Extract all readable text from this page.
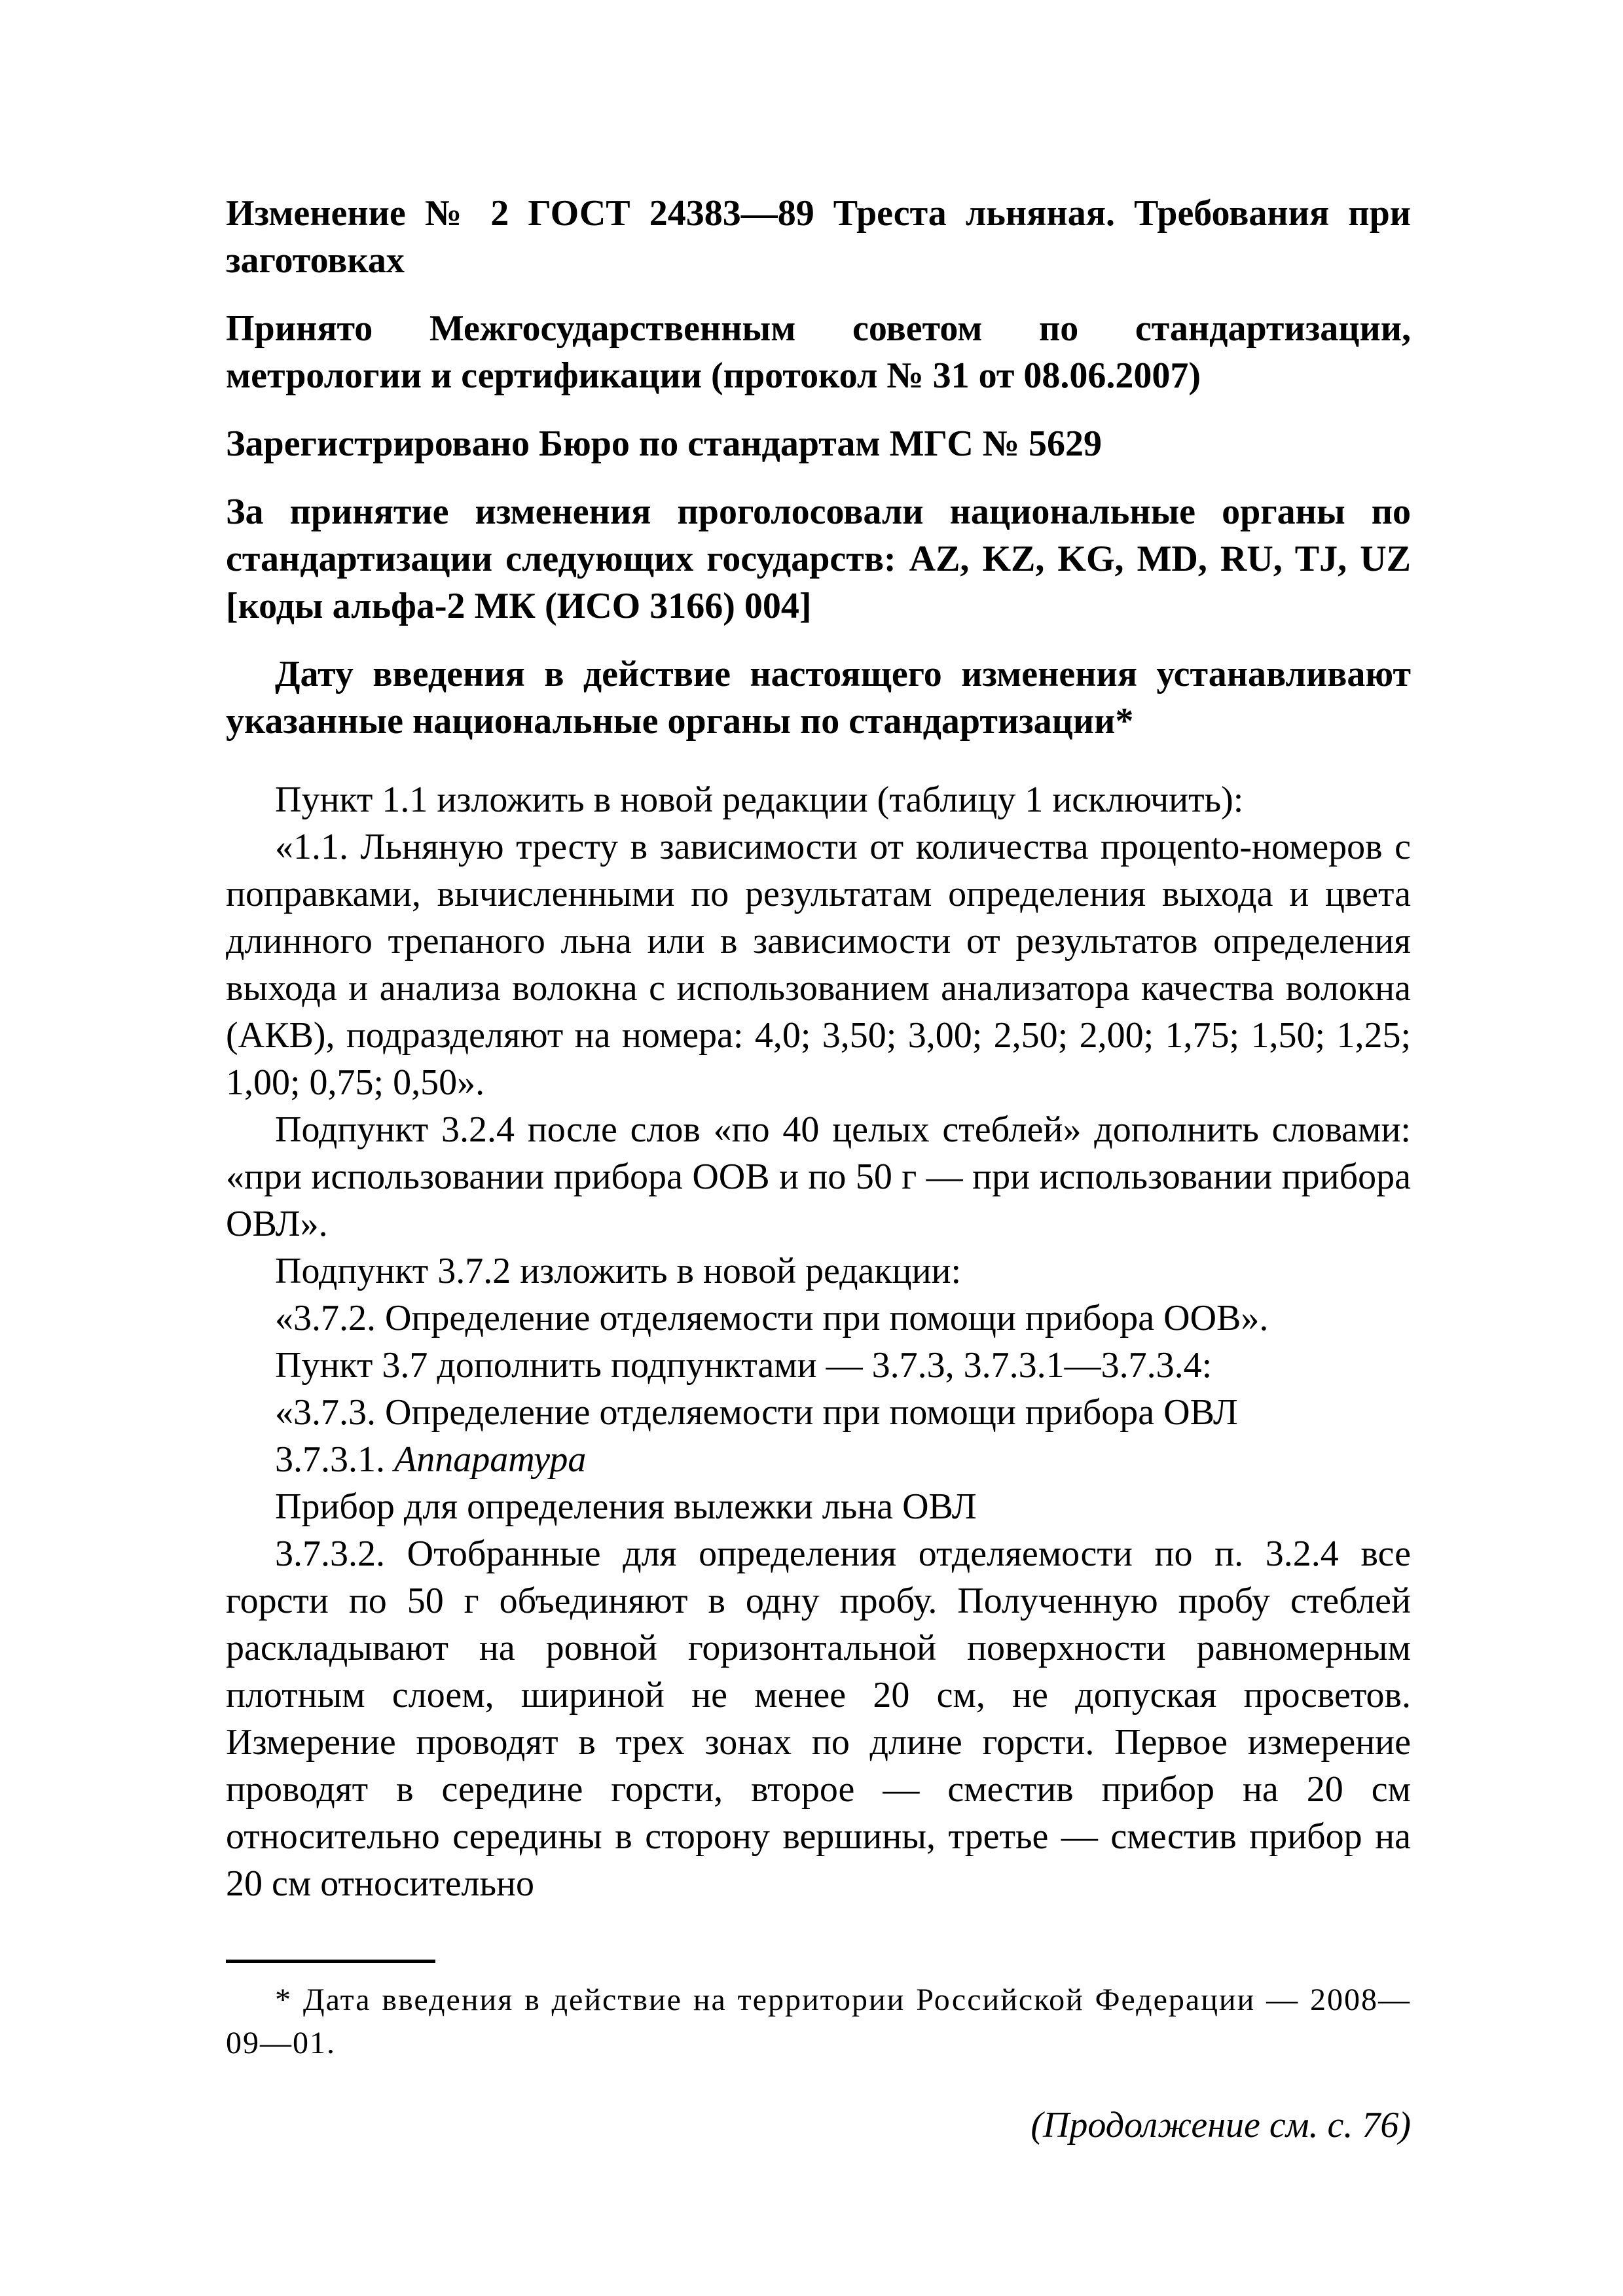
Изменение № 2 ГОСТ 24383—89 Треста льняная. Требования при заготовках

Принято Межгосударственным советом по стандартизации, метрологии и сертификации (протокол № 31 от 08.06.2007)

Зарегистрировано Бюро по стандартам МГС № 5629

За принятие изменения проголосовали национальные органы по стандартизации следующих государств: AZ, KZ, KG, MD, RU, TJ, UZ [коды альфа-2 МК (ИСО 3166) 004]

Дату введения в действие настоящего изменения устанавливают указанные национальные органы по стандартизации*

Пункт 1.1 изложить в новой редакции (таблицу 1 исключить):

«1.1. Льняную тресту в зависимости от количества процento-номеров с поправками, вычисленными по результатам определения выхода и цвета длинного трепаного льна или в зависимости от результатов определения выхода и анализа волокна с использованием анализатора качества волокна (АКВ), подразделяют на номера: 4,0; 3,50; 3,00; 2,50; 2,00; 1,75; 1,50; 1,25; 1,00; 0,75; 0,50».

Подпункт 3.2.4 после слов «по 40 целых стеблей» дополнить словами: «при использовании прибора ООВ и по 50 г — при использовании прибора ОВЛ».

Подпункт 3.7.2 изложить в новой редакции:

«3.7.2. Определение отделяемости при помощи прибора ООВ».

Пункт 3.7 дополнить подпунктами — 3.7.3, 3.7.3.1—3.7.3.4:

«3.7.3. Определение отделяемости при помощи прибора ОВЛ

3.7.3.1. Аппаратура

Прибор для определения вылежки льна ОВЛ

3.7.3.2. Отобранные для определения отделяемости по п. 3.2.4 все горсти по 50 г объединяют в одну пробу. Полученную пробу стеблей раскладывают на ровной горизонтальной поверхности равномерным плотным слоем, шириной не менее 20 см, не допуская просветов. Измерение проводят в трех зонах по длине горсти. Первое измерение проводят в середине горсти, второе — сместив прибор на 20 см относительно середины в сторону вершины, третье — сместив прибор на 20 см относительно

* Дата введения в действие на территории Российской Федерации — 2008—09—01.

(Продолжение см. с. 76)
